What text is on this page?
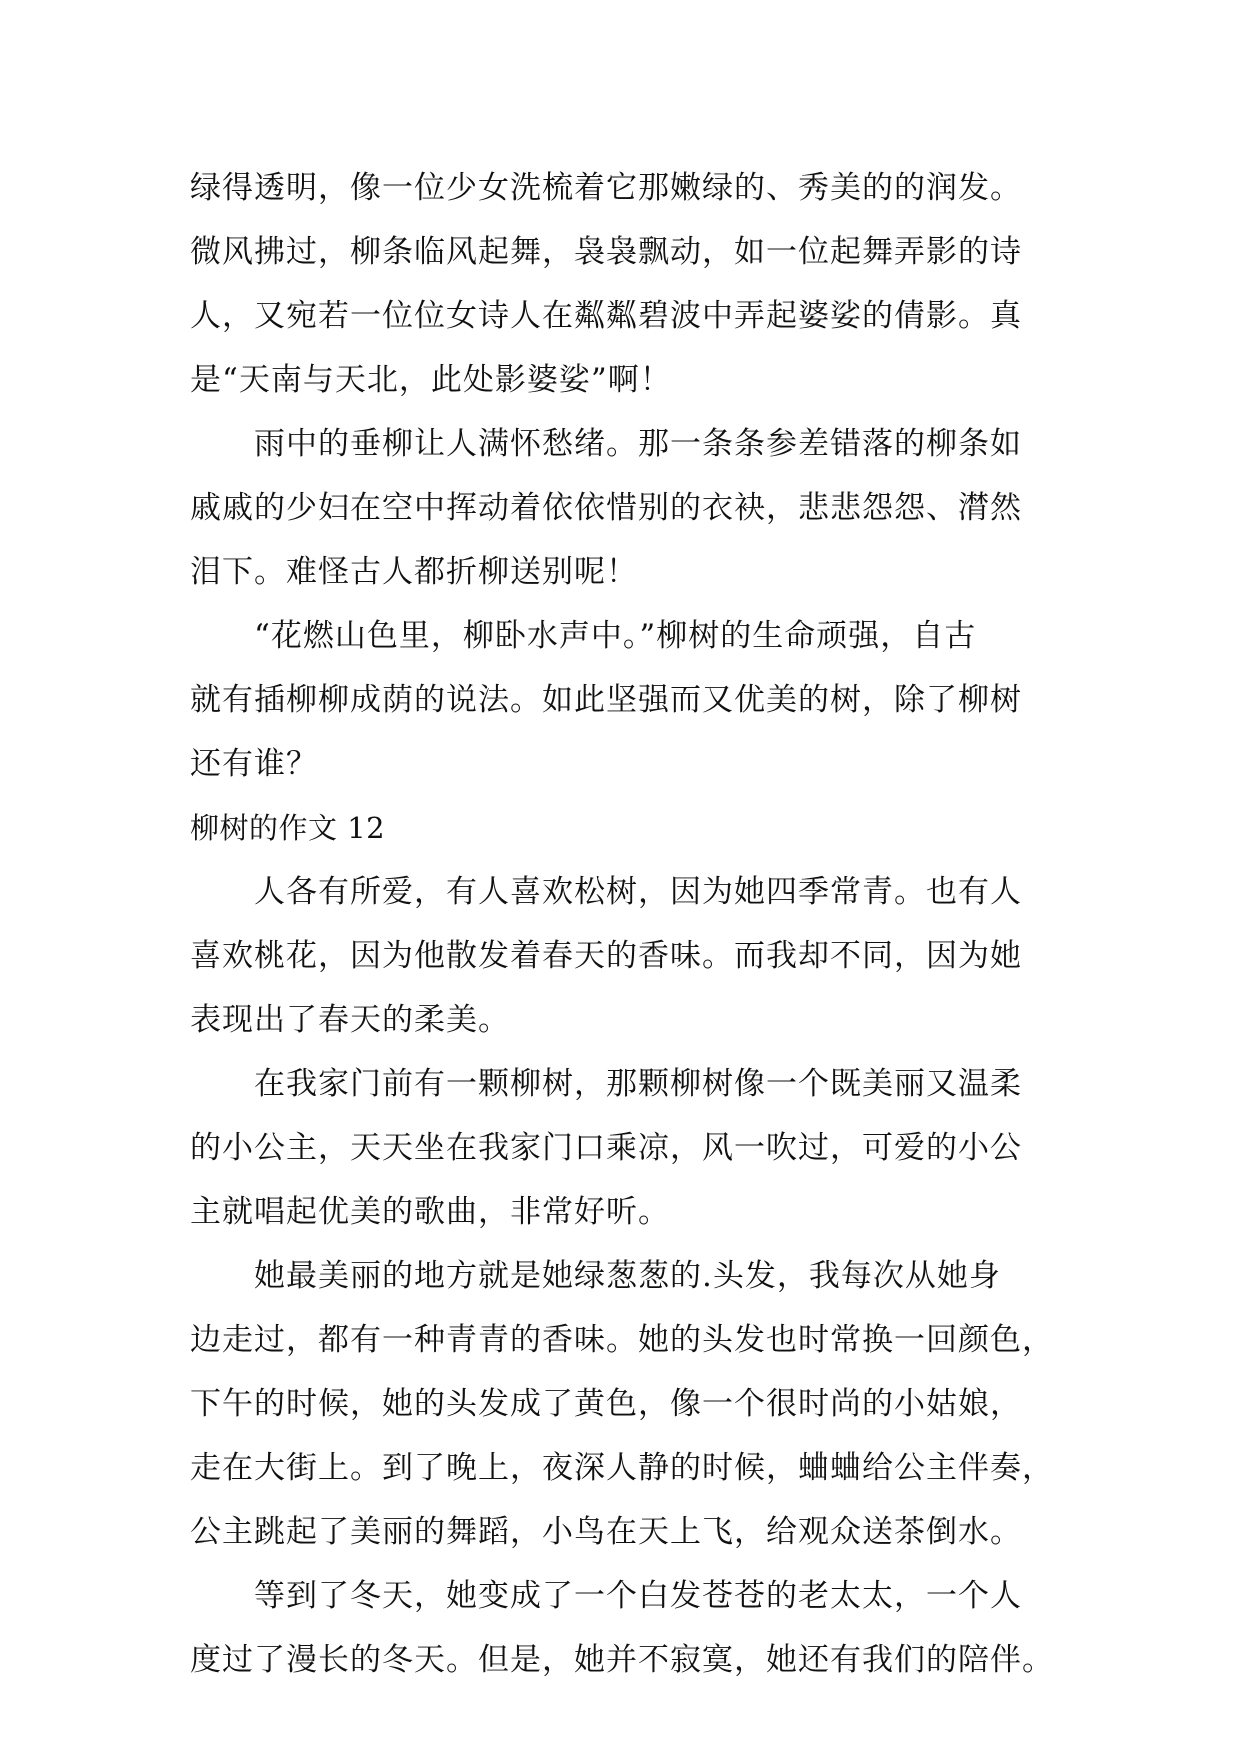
绿得透明，像一位少女洗梳着它那嫩绿的、秀美的的润发。
微风拂过，柳条临风起舞，袅袅飘动，如一位起舞弄影的诗
人，又宛若一位位女诗人在粼粼碧波中弄起婆娑的倩影。真
是“天南与天北，此处影婆娑”啊！
雨中的垂柳让人满怀愁绪。那一条条参差错落的柳条如
戚戚的少妇在空中挥动着依依惜别的衣袂，悲悲怨怨、潸然
泪下。难怪古人都折柳送别呢！
“花燃山色里，柳卧水声中。”柳树的生命顽强，自古
就有插柳柳成荫的说法。如此坚强而又优美的树，除了柳树
还有谁？
柳树的作文 12
人各有所爱，有人喜欢松树，因为她四季常青。也有人
喜欢桃花，因为他散发着春天的香味。而我却不同，因为她
表现出了春天的柔美。
在我家门前有一颗柳树，那颗柳树像一个既美丽又温柔
的小公主，天天坐在我家门口乘凉，风一吹过，可爱的小公
主就唱起优美的歌曲，非常好听。
她最美丽的地方就是她绿葱葱的.头发，我每次从她身
边走过，都有一种青青的香味。她的头发也时常换一回颜色，
下午的时候，她的头发成了黄色，像一个很时尚的小姑娘，
走在大街上。到了晚上，夜深人静的时候，蛐蛐给公主伴奏，
公主跳起了美丽的舞蹈，小鸟在天上飞，给观众送茶倒水。
等到了冬天，她变成了一个白发苍苍的老太太，一个人
度过了漫长的冬天。但是，她并不寂寞，她还有我们的陪伴。
